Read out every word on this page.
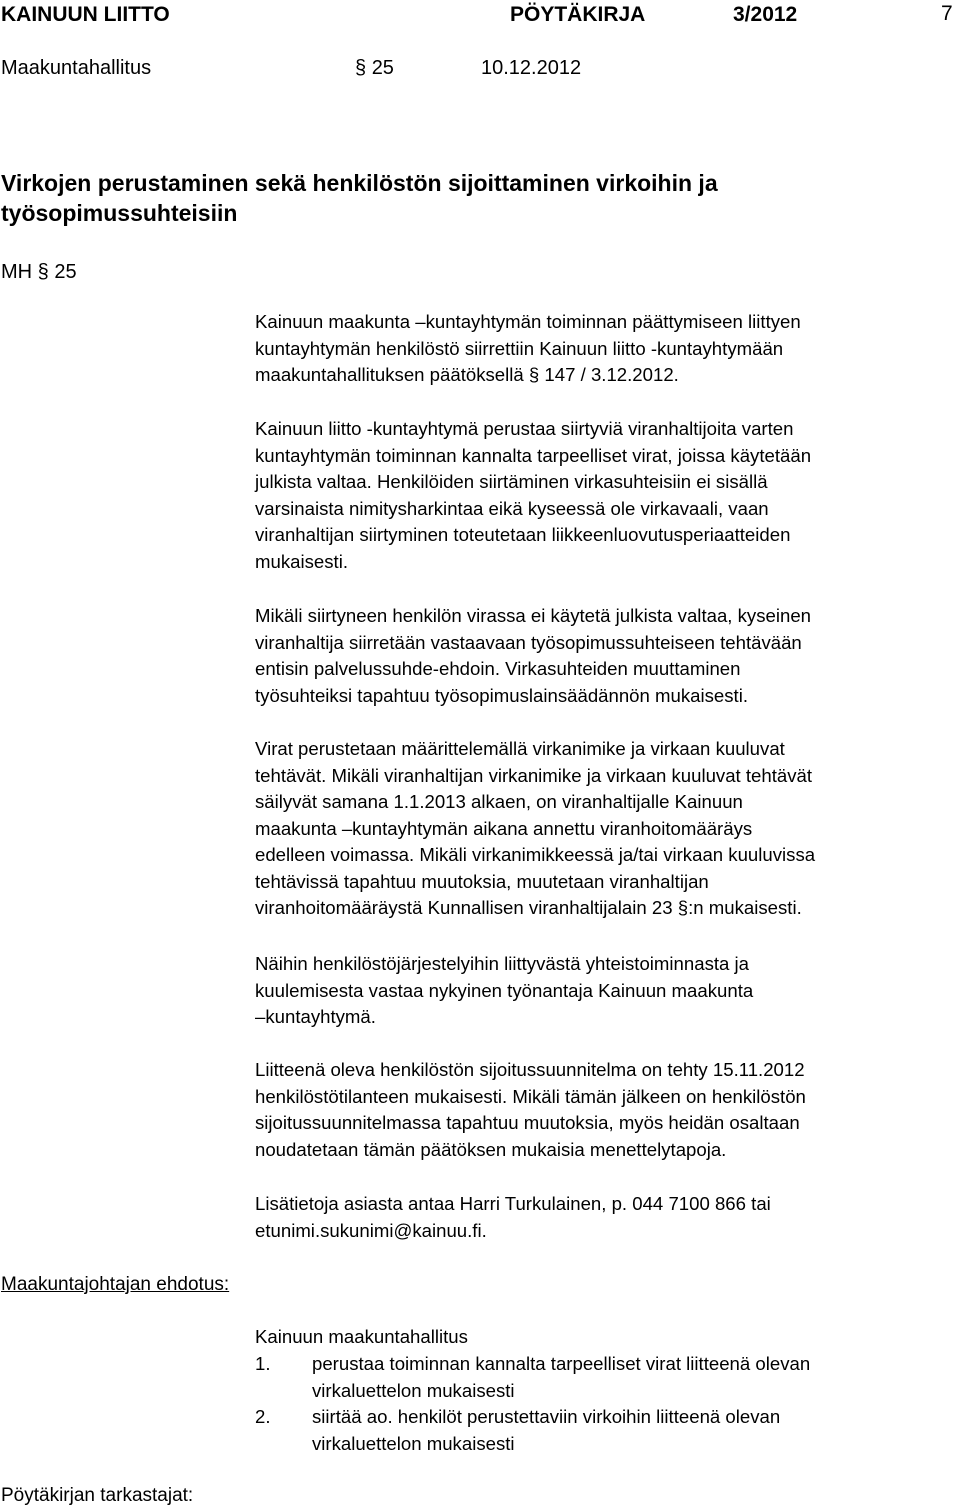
KAINUUN LIITTO	PÖYTÄKIRJA	3/2012	7
Maakuntahallitus	§ 25	10.12.2012
Virkojen perustaminen sekä henkilöstön sijoittaminen virkoihin ja
työsopimussuhteisiin
MH § 25
Kainuun maakunta –kuntayhtymän toiminnan päättymiseen liittyen
kuntayhtymän henkilöstö siirrettiin Kainuun liitto -kuntayhtymään
maakuntahallituksen päätöksellä § 147 / 3.12.2012.
Kainuun liitto -kuntayhtymä perustaa siirtyviä viranhaltijoita varten
kuntayhtymän toiminnan kannalta tarpeelliset virat, joissa käytetään
julkista valtaa. Henkilöiden siirtäminen virkasuhteisiin ei sisällä
varsinaista nimitysharkintaa eikä kyseessä ole virkavaali, vaan
viranhaltijan siirtyminen toteutetaan liikkeenluovutusperiaatteiden
mukaisesti.
Mikäli siirtyneen henkilön virassa ei käytetä julkista valtaa, kyseinen
viranhaltija siirretään vastaavaan työsopimussuhteiseen tehtävään
entisin palvelussuhde-ehdoin. Virkasuhteiden muuttaminen
työsuhteiksi tapahtuu työsopimuslainsäädännön mukaisesti.
Virat perustetaan määrittelemällä virkanimike ja virkaan kuuluvat
tehtävät. Mikäli viranhaltijan virkanimike ja virkaan kuuluvat tehtävät
säilyvät samana 1.1.2013 alkaen, on viranhaltijalle Kainuun
maakunta –kuntayhtymän aikana annettu viranhoitomääräys
edelleen voimassa. Mikäli virkanimikkeessä ja/tai virkaan kuuluvissa
tehtävissä tapahtuu muutoksia, muutetaan viranhaltijan
viranhoitomääräystä Kunnallisen viranhaltijalain 23 §:n mukaisesti.
Näihin henkilöstöjärjestelyihin liittyvästä yhteistoiminnasta ja
kuulemisesta vastaa nykyinen työnantaja Kainuun maakunta
–kuntayhtymä.
Liitteenä oleva henkilöstön sijoitussuunnitelma on tehty 15.11.2012
henkilöstötilanteen mukaisesti. Mikäli tämän jälkeen on henkilöstön
sijoitussuunnitelmassa tapahtuu muutoksia, myös heidän osaltaan
noudatetaan tämän päätöksen mukaisia menettelytapoja.
Lisätietoja asiasta antaa Harri Turkulainen, p. 044 7100 866 tai
etunimi.sukunimi@kainuu.fi.
Maakuntajohtajan ehdotus:
Kainuun maakuntahallitus
1. perustaa toiminnan kannalta tarpeelliset virat liitteenä olevan
virkaluettelon mukaisesti
2. siirtää ao. henkilöt perustettaviin virkoihin liitteenä olevan
virkaluettelon mukaisesti
Pöytäkirjan tarkastajat:
